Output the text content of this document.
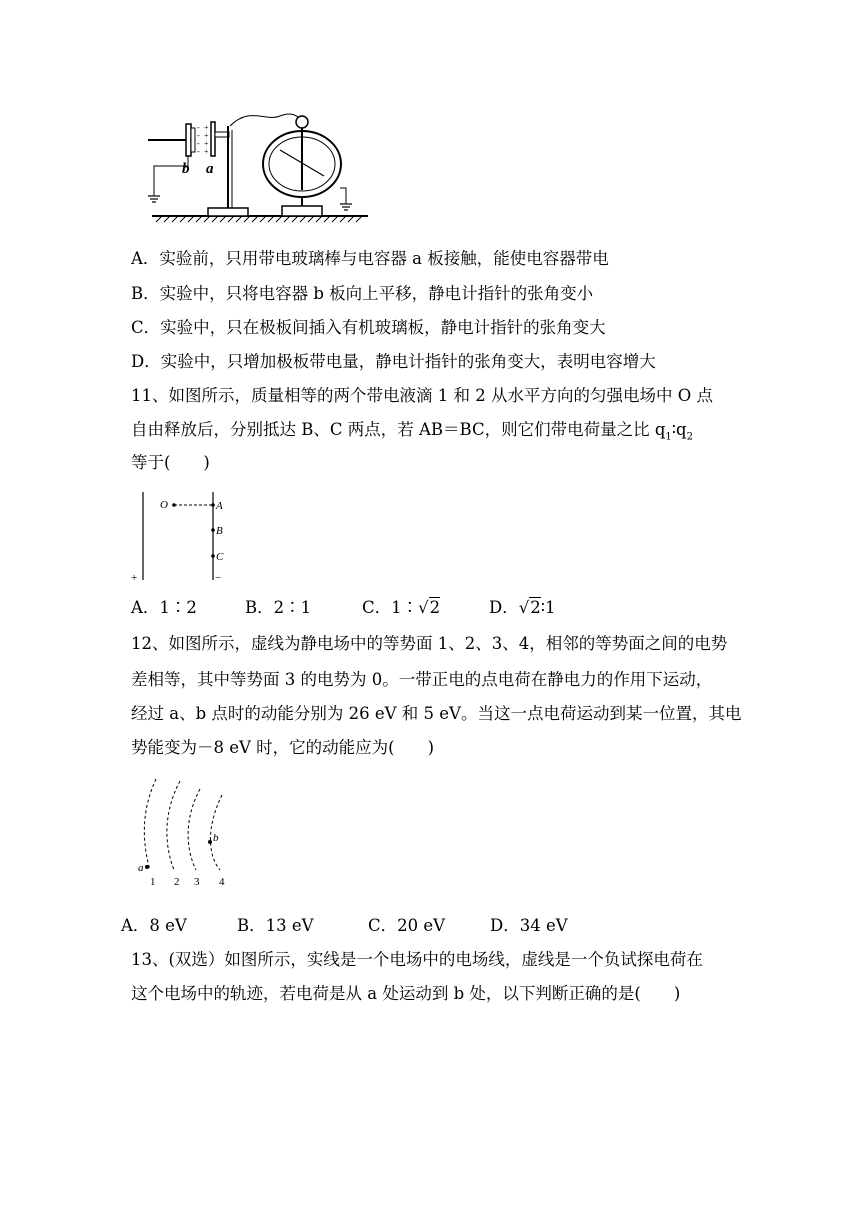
-
-
-
-
+
+
+
+
b a
A．实验前，只用带电玻璃棒与电容器 a 板接触，能使电容器带电
B．实验中，只将电容器 b 板向上平移，静电计指针的张角变小
C．实验中，只在极板间插入有机玻璃板，静电计指针的张角变大
D．实验中，只增加极板带电量，静电计指针的张角变大，表明电容增大
11、如图所示，质量相等的两个带电液滴 1 和 2 从水平方向的匀强电场中 O 点
自由释放后，分别抵达 B、C 两点，若 AB＝BC，则它们带电荷量之比 $q_1∶q_2$
等于(　　)
O	A
B
C
+	−
A．1∶2	B．2∶1	C．1∶√2	D．√2∶1
12、如图所示，虚线为静电场中的等势面 1、2、3、4，相邻的等势面之间的电势
差相等，其中等势面 3 的电势为 0。一带正电的点电荷在静电力的作用下运动，
经过 a、b 点时的动能分别为 26 eV 和 5 eV。当这一点电荷运动到某一位置，其电
势能变为－8 eV 时，它的动能应为(　　)
a
b
1 2 3 4
A．8 eV	B．13 eV	C．20 eV	D．34 eV
13、(双选）如图所示，实线是一个电场中的电场线，虚线是一个负试探电荷在
这个电场中的轨迹，若电荷是从 a 处运动到 b 处，以下判断正确的是(　　)
